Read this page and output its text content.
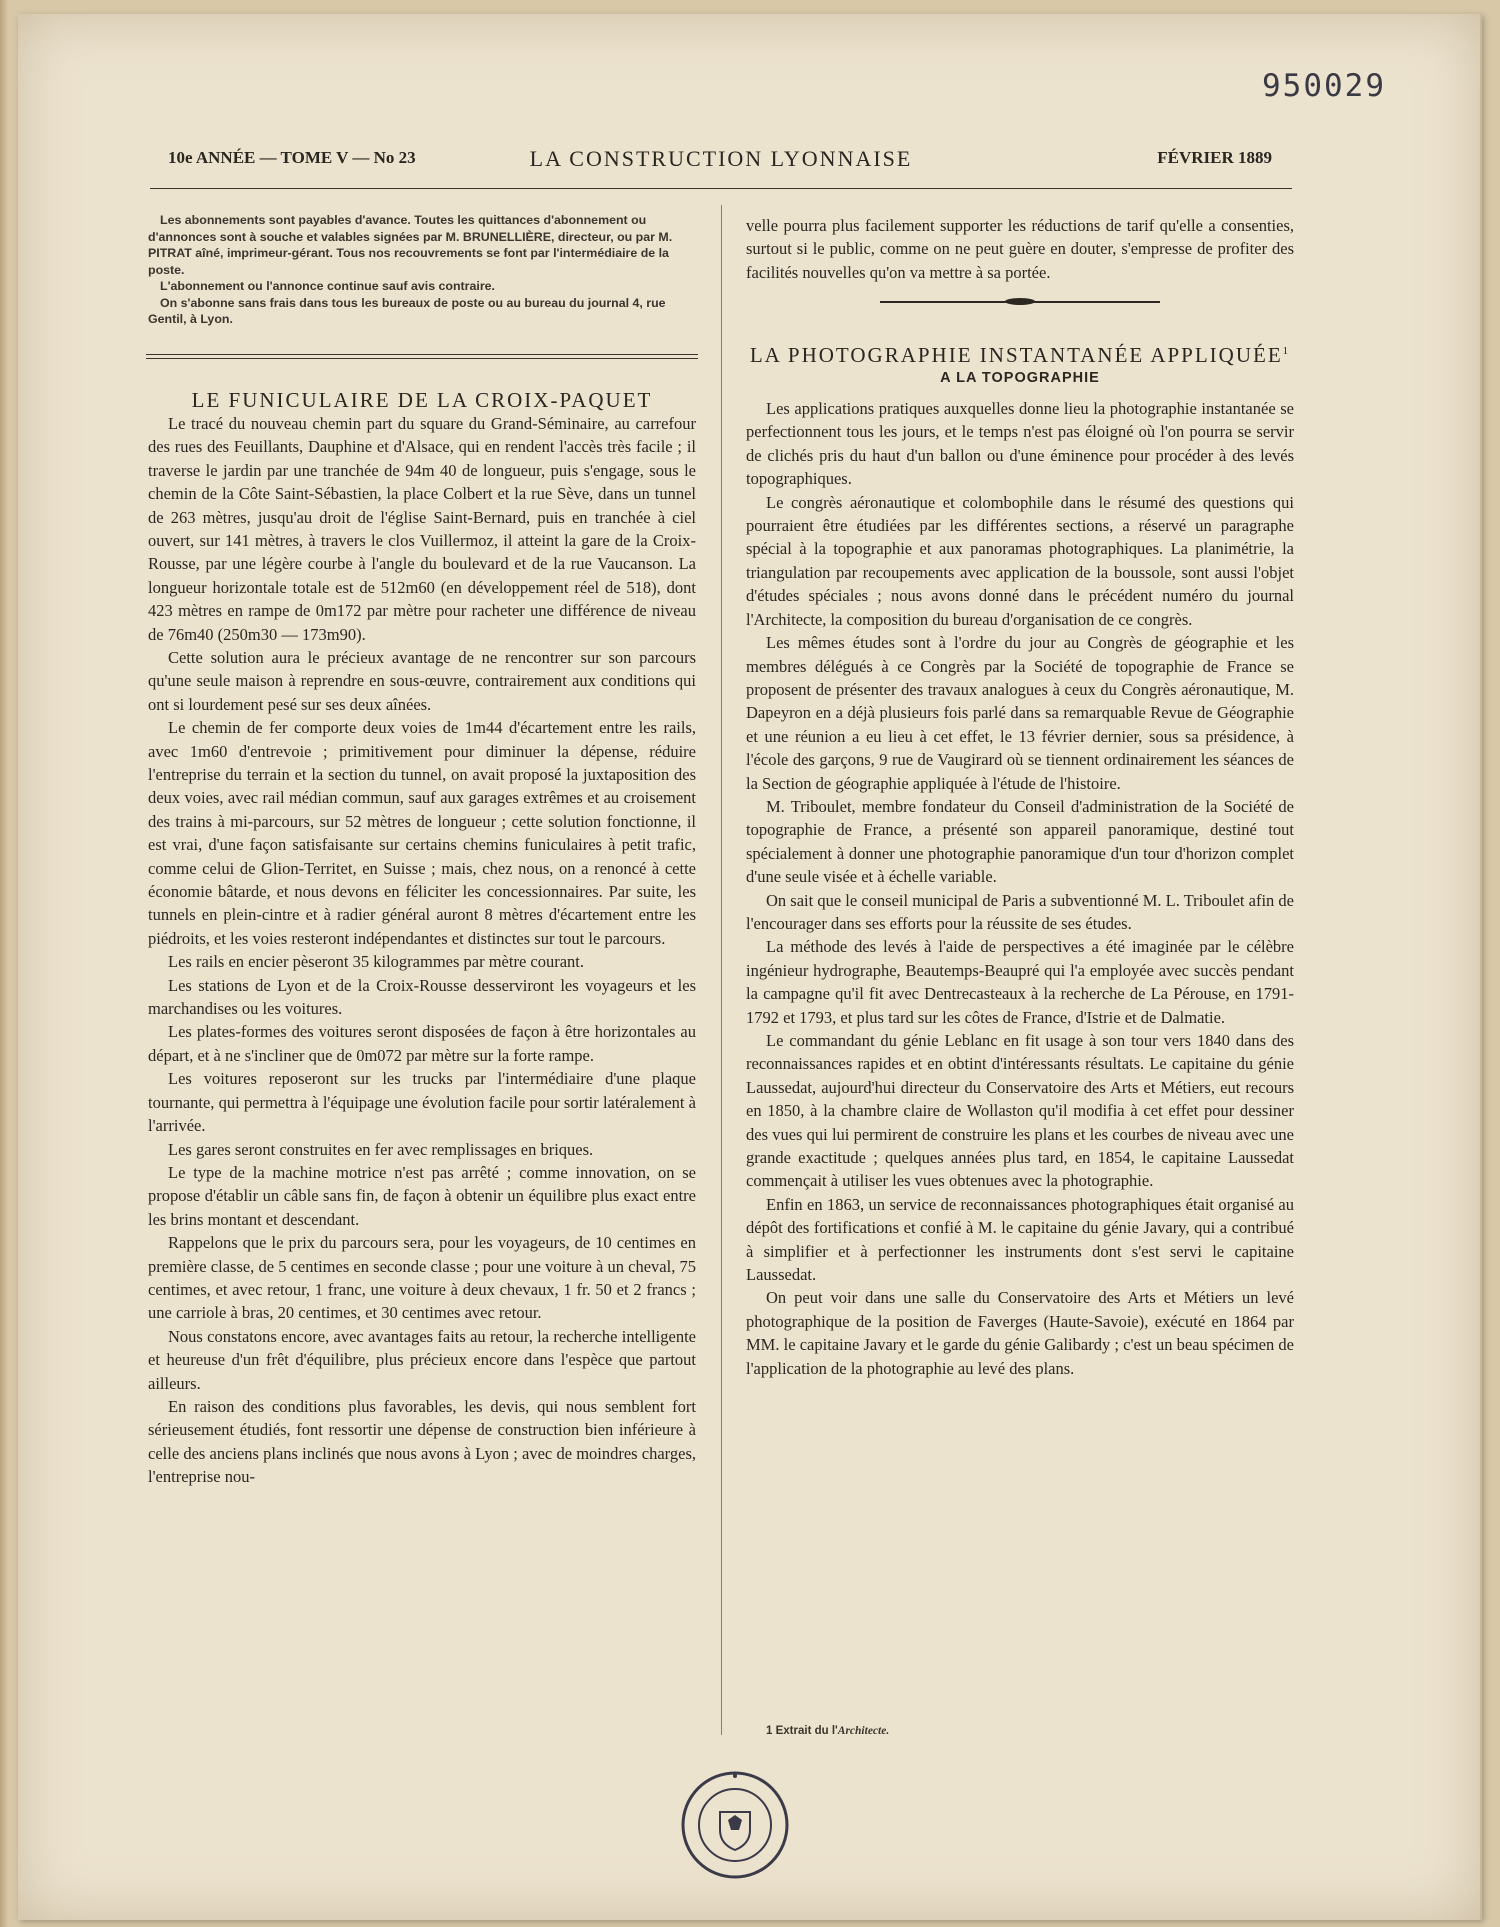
950029
10e ANNÉE — TOME V — No 23	LA CONSTRUCTION LYONNAISE	FÉVRIER 1889

Les abonnements sont payables d'avance. Toutes les quittances d'abonnement ou d'annonces sont à souche et valables signées par M. BRUNELLIÈRE, directeur, ou par M. PITRAT aîné, imprimeur-gérant. Tous nos recouvrements se font par l'intermédiaire de la poste.

L'abonnement ou l'annonce continue sauf avis contraire.

On s'abonne sans frais dans tous les bureaux de poste ou au bureau du journal 4, rue Gentil, à Lyon.

LE FUNICULAIRE DE LA CROIX-PAQUET

Le tracé du nouveau chemin part du square du Grand-Séminaire, au carrefour des rues des Feuillants, Dauphine et d'Alsace, qui en rendent l'accès très facile ; il traverse le jardin par une tranchée de 94m 40 de longueur, puis s'engage, sous le chemin de la Côte Saint-Sébastien, la place Colbert et la rue Sève, dans un tunnel de 263 mètres, jusqu'au droit de l'église Saint-Bernard, puis en tranchée à ciel ouvert, sur 141 mètres, à travers le clos Vuillermoz, il atteint la gare de la Croix-Rousse, par une légère courbe à l'angle du boulevard et de la rue Vaucanson. La longueur horizontale totale est de 512m60 (en développement réel de 518), dont 423 mètres en rampe de 0m172 par mètre pour racheter une différence de niveau de 76m40 (250m30 — 173m90).

Cette solution aura le précieux avantage de ne rencontrer sur son parcours qu'une seule maison à reprendre en sous-œuvre, contrairement aux conditions qui ont si lourdement pesé sur ses deux aînées.

Le chemin de fer comporte deux voies de 1m44 d'écartement entre les rails, avec 1m60 d'entrevoie ; primitivement pour diminuer la dépense, réduire l'entreprise du terrain et la section du tunnel, on avait proposé la juxtaposition des deux voies, avec rail médian commun, sauf aux garages extrêmes et au croisement des trains à mi-parcours, sur 52 mètres de longueur ; cette solution fonctionne, il est vrai, d'une façon satisfaisante sur certains chemins funiculaires à petit trafic, comme celui de Glion-Territet, en Suisse ; mais, chez nous, on a renoncé à cette économie bâtarde, et nous devons en féliciter les concessionnaires. Par suite, les tunnels en plein-cintre et à radier général auront 8 mètres d'écartement entre les piédroits, et les voies resteront indépendantes et distinctes sur tout le parcours.

Les rails en encier pèseront 35 kilogrammes par mètre courant.

Les stations de Lyon et de la Croix-Rousse desserviront les voyageurs et les marchandises ou les voitures.

Les plates-formes des voitures seront disposées de façon à être horizontales au départ, et à ne s'incliner que de 0m072 par mètre sur la forte rampe.

Les voitures reposeront sur les trucks par l'intermédiaire d'une plaque tournante, qui permettra à l'équipage une évolution facile pour sortir latéralement à l'arrivée.

Les gares seront construites en fer avec remplissages en briques.

Le type de la machine motrice n'est pas arrêté ; comme innovation, on se propose d'établir un câble sans fin, de façon à obtenir un équilibre plus exact entre les brins montant et descendant.

Rappelons que le prix du parcours sera, pour les voyageurs, de 10 centimes en première classe, de 5 centimes en seconde classe ; pour une voiture à un cheval, 75 centimes, et avec retour, 1 franc, une voiture à deux chevaux, 1 fr. 50 et 2 francs ; une carriole à bras, 20 centimes, et 30 centimes avec retour.

Nous constatons encore, avec avantages faits au retour, la recherche intelligente et heureuse d'un frêt d'équilibre, plus précieux encore dans l'espèce que partout ailleurs.

En raison des conditions plus favorables, les devis, qui nous semblent fort sérieusement étudiés, font ressortir une dépense de construction bien inférieure à celle des anciens plans inclinés que nous avons à Lyon ; avec de moindres charges, l'entreprise nou-

velle pourra plus facilement supporter les réductions de tarif qu'elle a consenties, surtout si le public, comme on ne peut guère en douter, s'empresse de profiter des facilités nouvelles qu'on va mettre à sa portée.

LA PHOTOGRAPHIE INSTANTANÉE APPLIQUÉE$^1$

A LA TOPOGRAPHIE

Les applications pratiques auxquelles donne lieu la photographie instantanée se perfectionnent tous les jours, et le temps n'est pas éloigné où l'on pourra se servir de clichés pris du haut d'un ballon ou d'une éminence pour procéder à des levés topographiques.

Le congrès aéronautique et colombophile dans le résumé des questions qui pourraient être étudiées par les différentes sections, a réservé un paragraphe spécial à la topographie et aux panoramas photographiques. La planimétrie, la triangulation par recoupements avec application de la boussole, sont aussi l'objet d'études spéciales ; nous avons donné dans le précédent numéro du journal l'Architecte, la composition du bureau d'organisation de ce congrès.

Les mêmes études sont à l'ordre du jour au Congrès de géographie et les membres délégués à ce Congrès par la Société de topographie de France se proposent de présenter des travaux analogues à ceux du Congrès aéronautique, M. Dapeyron en a déjà plusieurs fois parlé dans sa remarquable Revue de Géographie et une réunion a eu lieu à cet effet, le 13 février dernier, sous sa présidence, à l'école des garçons, 9 rue de Vaugirard où se tiennent ordinairement les séances de la Section de géographie appliquée à l'étude de l'histoire.

M. Triboulet, membre fondateur du Conseil d'administration de la Société de topographie de France, a présenté son appareil panoramique, destiné tout spécialement à donner une photographie panoramique d'un tour d'horizon complet d'une seule visée et à échelle variable.

On sait que le conseil municipal de Paris a subventionné M. L. Triboulet afin de l'encourager dans ses efforts pour la réussite de ses études.

La méthode des levés à l'aide de perspectives a été imaginée par le célèbre ingénieur hydrographe, Beautemps-Beaupré qui l'a employée avec succès pendant la campagne qu'il fit avec Dentrecasteaux à la recherche de La Pérouse, en 1791-1792 et 1793, et plus tard sur les côtes de France, d'Istrie et de Dalmatie.

Le commandant du génie Leblanc en fit usage à son tour vers 1840 dans des reconnaissances rapides et en obtint d'intéressants résultats. Le capitaine du génie Laussedat, aujourd'hui directeur du Conservatoire des Arts et Métiers, eut recours en 1850, à la chambre claire de Wollaston qu'il modifia à cet effet pour dessiner des vues qui lui permirent de construire les plans et les courbes de niveau avec une grande exactitude ; quelques années plus tard, en 1854, le capitaine Laussedat commençait à utiliser les vues obtenues avec la photographie.

Enfin en 1863, un service de reconnaissances photographiques était organisé au dépôt des fortifications et confié à M. le capitaine du génie Javary, qui a contribué à simplifier et à perfectionner les instruments dont s'est servi le capitaine Laussedat.

On peut voir dans une salle du Conservatoire des Arts et Métiers un levé photographique de la position de Faverges (Haute-Savoie), exécuté en 1864 par MM. le capitaine Javary et le garde du génie Galibardy ; c'est un beau spécimen de l'application de la photographie au levé des plans.

1 Extrait du l'Architecte.
